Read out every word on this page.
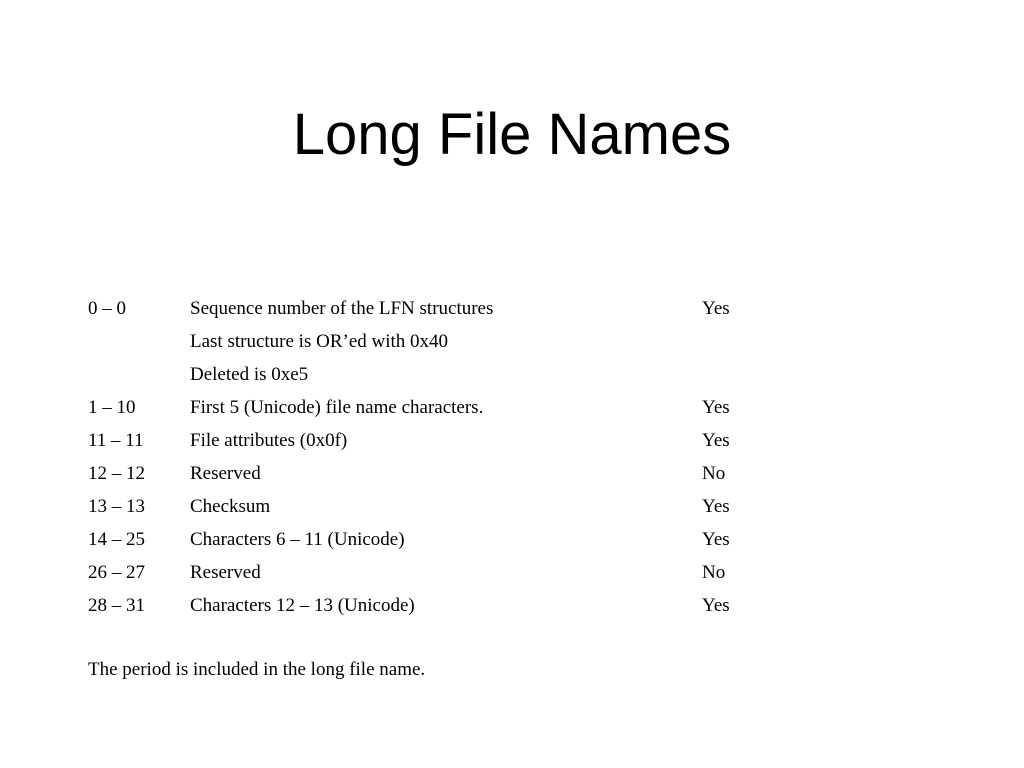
Long File Names
0 – 0	Sequence number of the LFN structures	Yes
Last structure is OR’ed with 0x40
Deleted is 0xe5
1 – 10	First 5 (Unicode) file name characters.	Yes
11 – 11 File attributes (0x0f)	Yes
12 – 12 Reserved	No
13 – 13 Checksum	Yes
14 – 25 Characters 6 – 11 (Unicode)	Yes
26 – 27 Reserved	No
28 – 31 Characters 12 – 13 (Unicode)	Yes

The period is included in the long file name.
